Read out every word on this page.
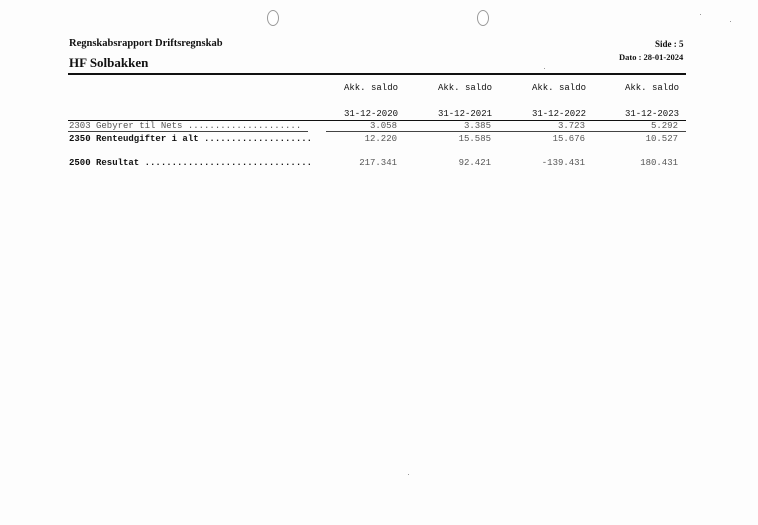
Regnskabsrapport Driftsregnskab
HF Solbakken
Side : 5
Dato : 28-01-2024
Akk. saldo	Akk. saldo	Akk. saldo	Akk. saldo
31-12-2020	31-12-2021	31-12-2022	31-12-2023
2303 Gebyrer til Nets .....................	3.058	3.385	3.723	5.292
2350 Renteudgifter i alt ....................	12.220	15.585	15.676	10.527
2500 Resultat ...............................	217.341	92.421	-139.431	180.431
